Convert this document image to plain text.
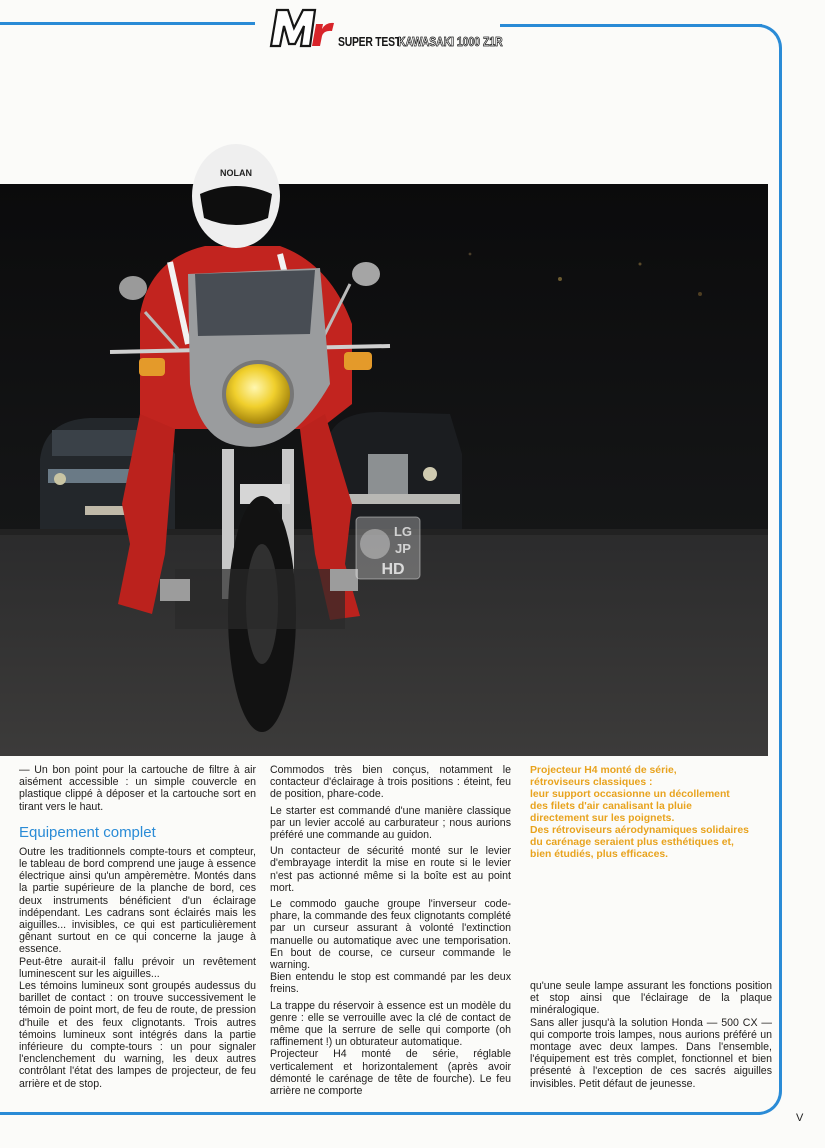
SUPER TEST
KAWASAKI 1000 Z1R
NOLAN
LG
JP
HD

— Un bon point pour la cartouche de filtre à air aisément accessible : un simple couvercle en plastique clippé à déposer et la cartouche sort en tirant vers le haut.

Equipement complet

Outre les traditionnels compte-tours et compteur, le tableau de bord comprend une jauge à essence électrique ainsi qu'un ampèremètre. Montés dans la partie supérieure de la planche de bord, ces deux instruments bénéficient d'un éclairage indépendant. Les cadrans sont éclairés mais les aiguilles... invisibles, ce qui est particulièrement gênant surtout en ce qui concerne la jauge à essence.

Peut-être aurait-il fallu prévoir un revêtement luminescent sur les aiguilles...

Les témoins lumineux sont groupés audessus du barillet de contact : on trouve successivement le témoin de point mort, de feu de route, de pression d'huile et des feux clignotants. Trois autres témoins lumineux sont intégrés dans la partie inférieure du compte-tours : un pour signaler l'enclenchement du warning, les deux autres contrôlant l'état des lampes de projecteur, de feu arrière et de stop.

Commodos très bien conçus, notamment le contacteur d'éclairage à trois positions : éteint, feu de position, phare-code.

Le starter est commandé d'une manière classique par un levier accolé au carburateur ; nous aurions préféré une commande au guidon.

Un contacteur de sécurité monté sur le levier d'embrayage interdit la mise en route si le levier n'est pas actionné même si la boîte est au point mort.

Le commodo gauche groupe l'inverseur code-phare, la commande des feux clignotants complété par un curseur assurant à volonté l'extinction manuelle ou automatique avec une temporisation. En bout de course, ce curseur commande le warning.

Bien entendu le stop est commandé par les deux freins.

La trappe du réservoir à essence est un modèle du genre : elle se verrouille avec la clé de contact de même que la serrure de selle qui comporte (oh raffinement !) un obturateur automatique.

Projecteur H4 monté de série, réglable verticalement et horizontalement (après avoir démonté le carénage de tête de fourche). Le feu arrière ne comporte

Projecteur H4 monté de série,
rétroviseurs classiques :
leur support occasionne un décollement
des filets d'air canalisant la pluie
directement sur les poignets.
Des rétroviseurs aérodynamiques solidaires
du carénage seraient plus esthétiques et,
bien étudiés, plus efficaces.

qu'une seule lampe assurant les fonctions position et stop ainsi que l'éclairage de la plaque minéralogique.

Sans aller jusqu'à la solution Honda — 500 CX — qui comporte trois lampes, nous aurions préféré un montage avec deux lampes. Dans l'ensemble, l'équipement est très complet, fonctionnel et bien présenté à l'exception de ces sacrés aiguilles invisibles. Petit défaut de jeunesse.

V
